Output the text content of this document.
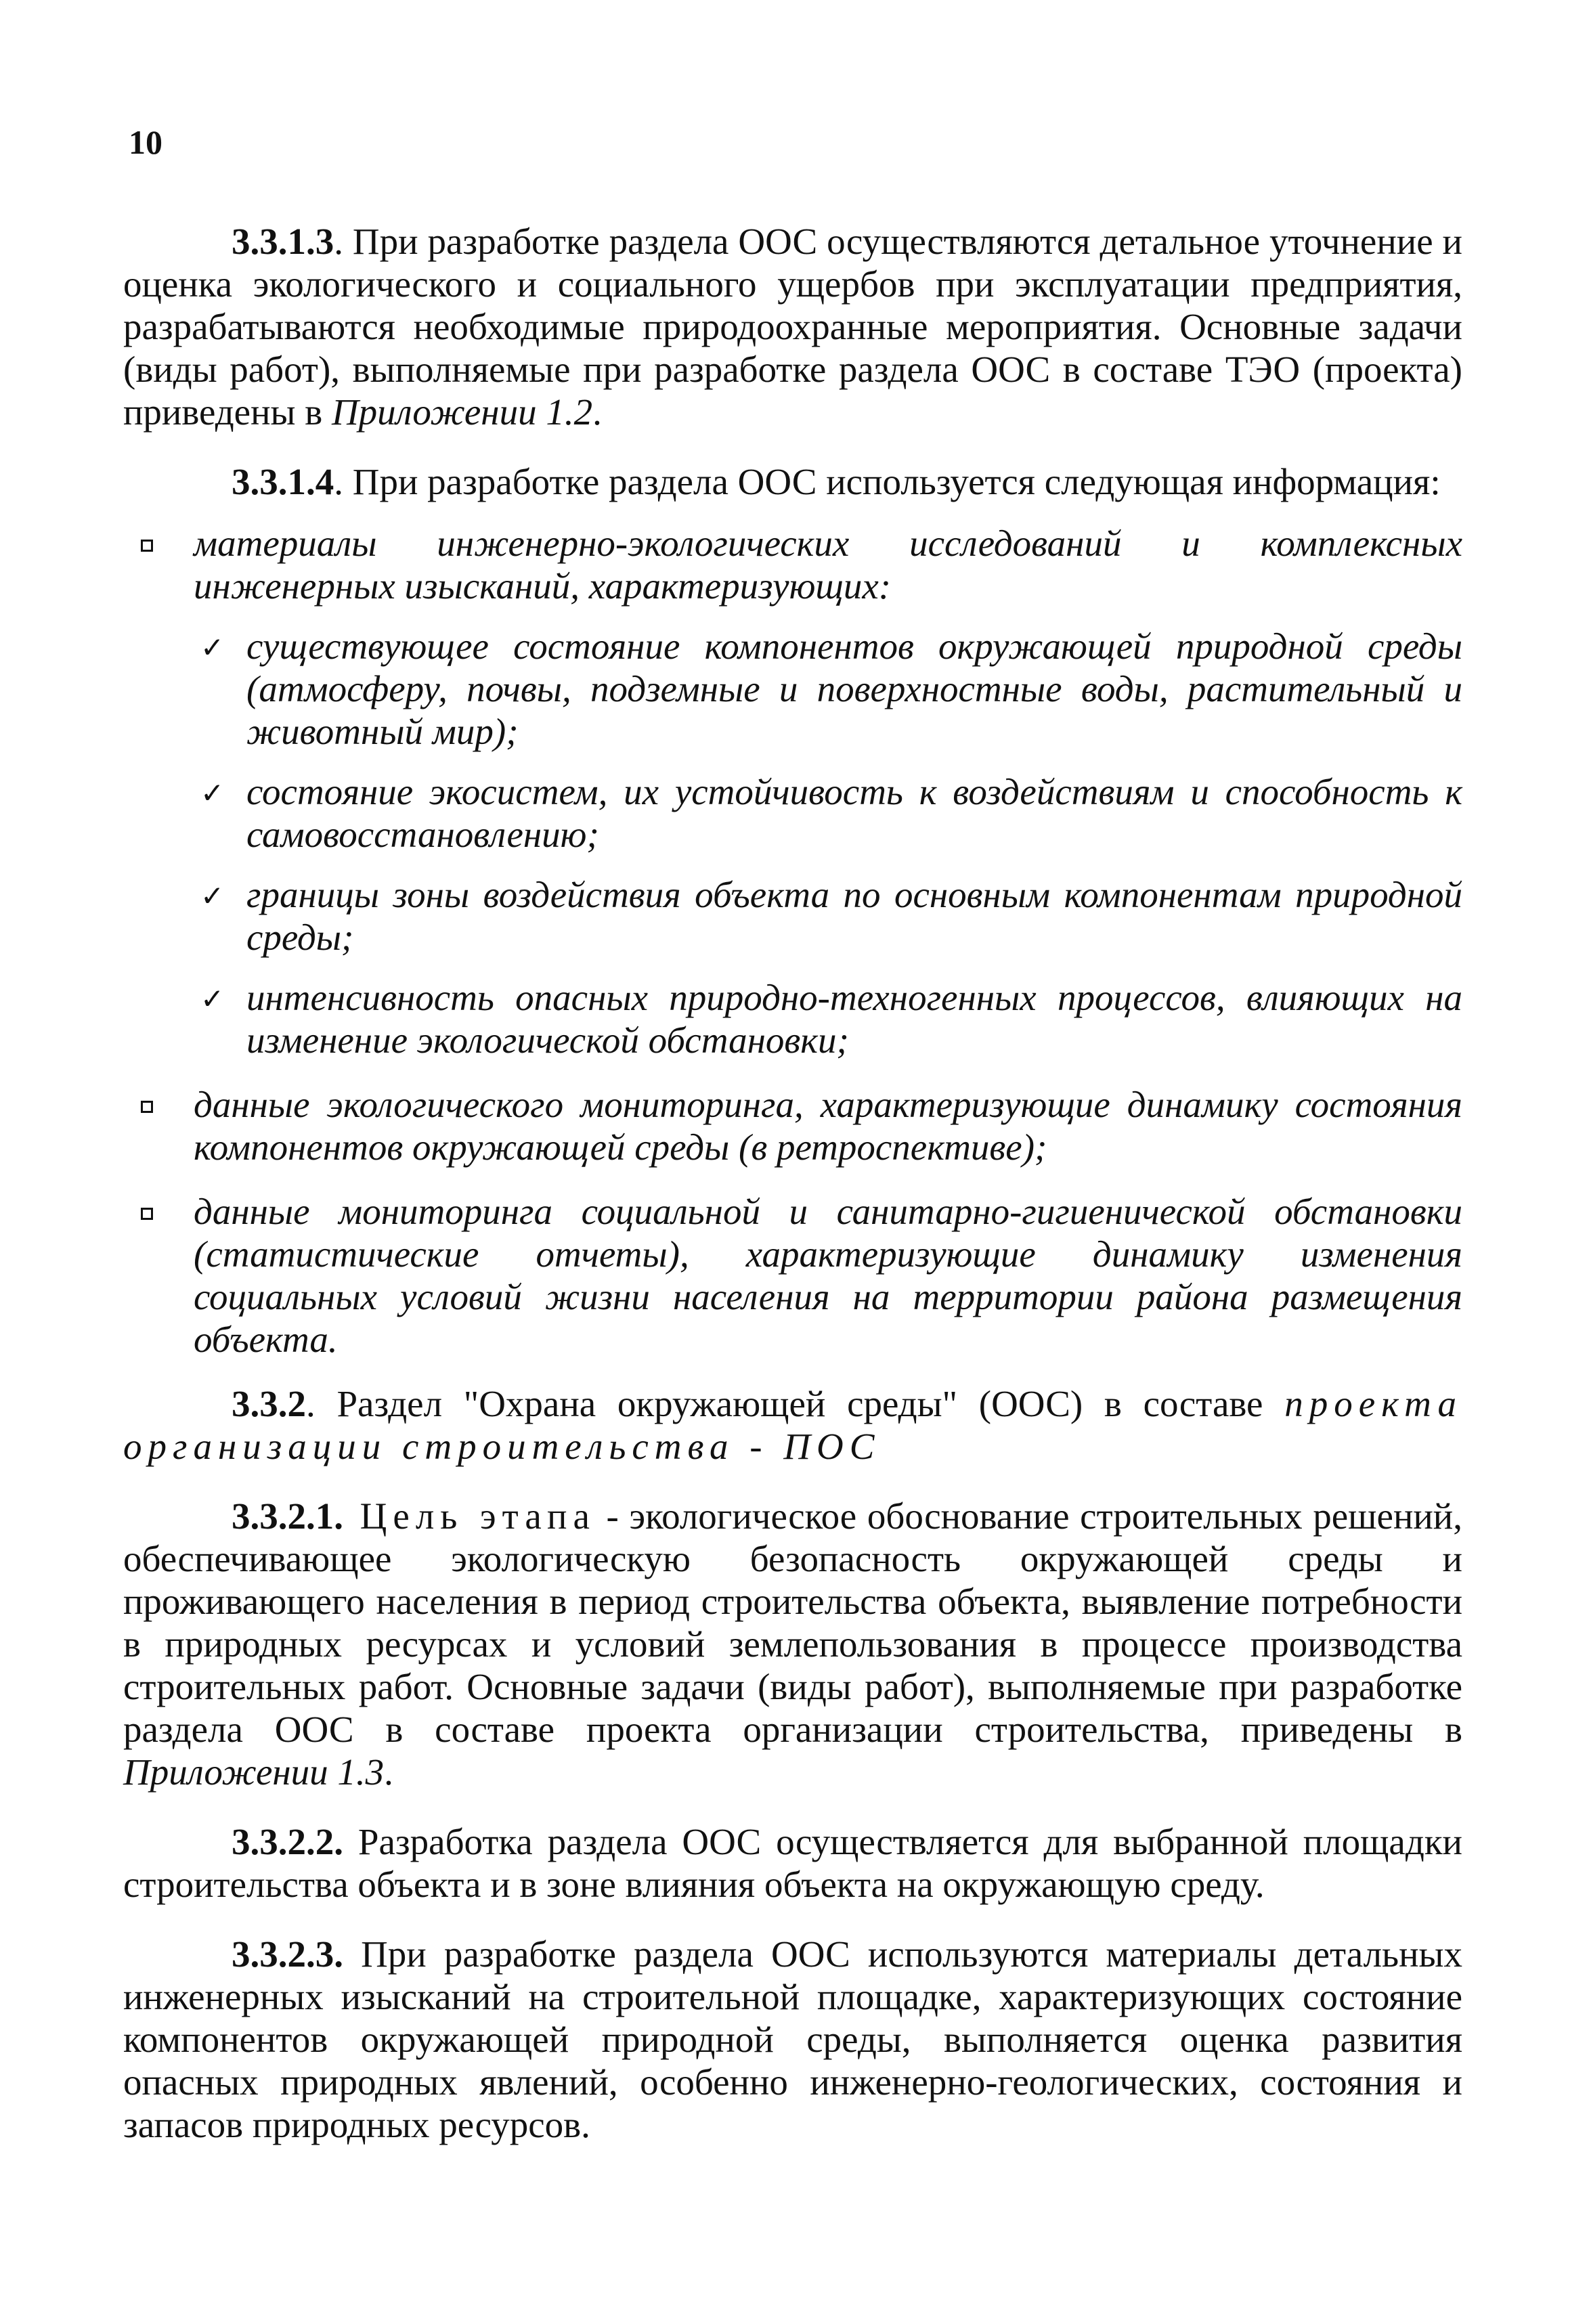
10

3.3.1.3. При разработке раздела ООС осуществляются детальное уточнение и оценка экологического и социального ущербов при эксплуатации предприятия, разрабатываются необходимые природоохранные мероприятия. Основные задачи (виды работ), выполняемые при разработке раздела ООС в составе ТЭО (проекта) приведены в Приложении 1.2.

3.3.1.4. При разработке раздела ООС используется следующая информация:

материалы инженерно-экологических исследований и комплексных инженерных изысканий, характеризующих:
✓ существующее состояние компонентов окружающей природной среды (атмосферу, почвы, подземные и поверхностные воды, растительный и животный мир);
✓ состояние экосистем, их устойчивость к воздействиям и способность к самовосстановлению;
✓ границы зоны воздействия объекта по основным компонентам природной среды;
✓ интенсивность опасных природно-техногенных процессов, влияющих на изменение экологической обстановки;
данные экологического мониторинга, характеризующие динамику состояния компонентов окружающей среды (в ретроспективе);
данные мониторинга социальной и санитарно-гигиенической обстановки (статистические отчеты), характеризующие динамику изменения социальных условий жизни населения на территории района размещения объекта.

3.3.2. Раздел "Охрана окружающей среды" (ООС) в составе проекта организации строительства - ПОС

3.3.2.1. Цель этапа - экологическое обоснование строительных решений, обеспечивающее экологическую безопасность окружающей среды и проживающего населения в период строительства объекта, выявление потребности в природных ресурсах и условий землепользования в процессе производства строительных работ. Основные задачи (виды работ), выполняемые при разработке раздела ООС в составе проекта организации строительства, приведены в Приложении 1.3.

3.3.2.2. Разработка раздела ООС осуществляется для выбранной площадки строительства объекта и в зоне влияния объекта на окружающую среду.

3.3.2.3. При разработке раздела ООС используются материалы детальных инженерных изысканий на строительной площадке, характеризующих состояние компонентов окружающей природной среды, выполняется оценка развития опасных природных явлений, особенно инженерно-геологических, состояния и запасов природных ресурсов.
